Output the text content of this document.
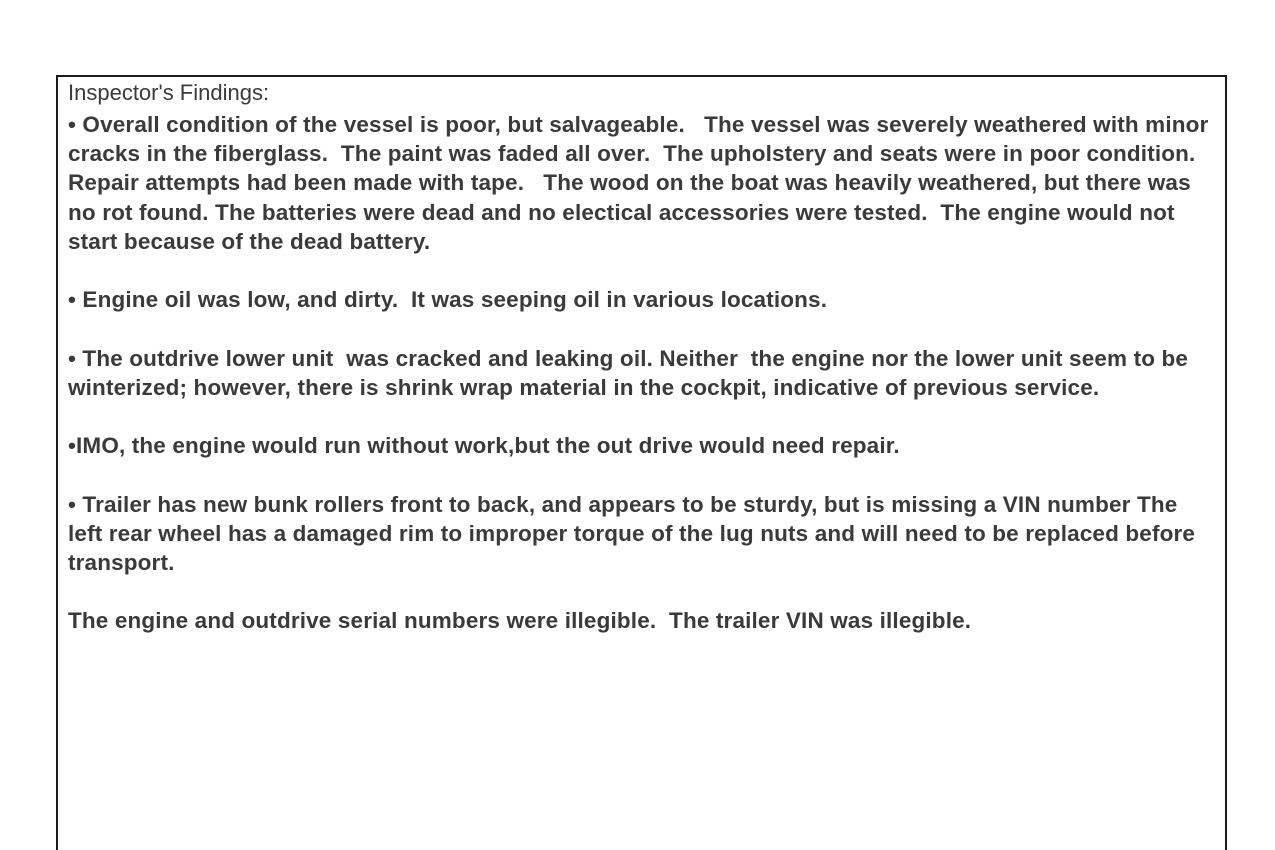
Inspector's Findings:

• Overall condition of the vessel is poor, but salvageable.   The vessel was severely weathered with minor cracks in the fiberglass.  The paint was faded all over.  The upholstery and seats were in poor condition.  Repair attempts had been made with tape.   The wood on the boat was heavily weathered, but there was no rot found. The batteries were dead and no electical accessories were tested.  The engine would not start because of the dead battery.

• Engine oil was low, and dirty.  It was seeping oil in various locations.

• The outdrive lower unit  was cracked and leaking oil. Neither  the engine nor the lower unit seem to be winterized; however, there is shrink wrap material in the cockpit, indicative of previous service.

•IMO, the engine would run without work,but the out drive would need repair.

• Trailer has new bunk rollers front to back, and appears to be sturdy, but is missing a VIN number The left rear wheel has a damaged rim to improper torque of the lug nuts and will need to be replaced before transport.

The engine and outdrive serial numbers were illegible.  The trailer VIN was illegible.
